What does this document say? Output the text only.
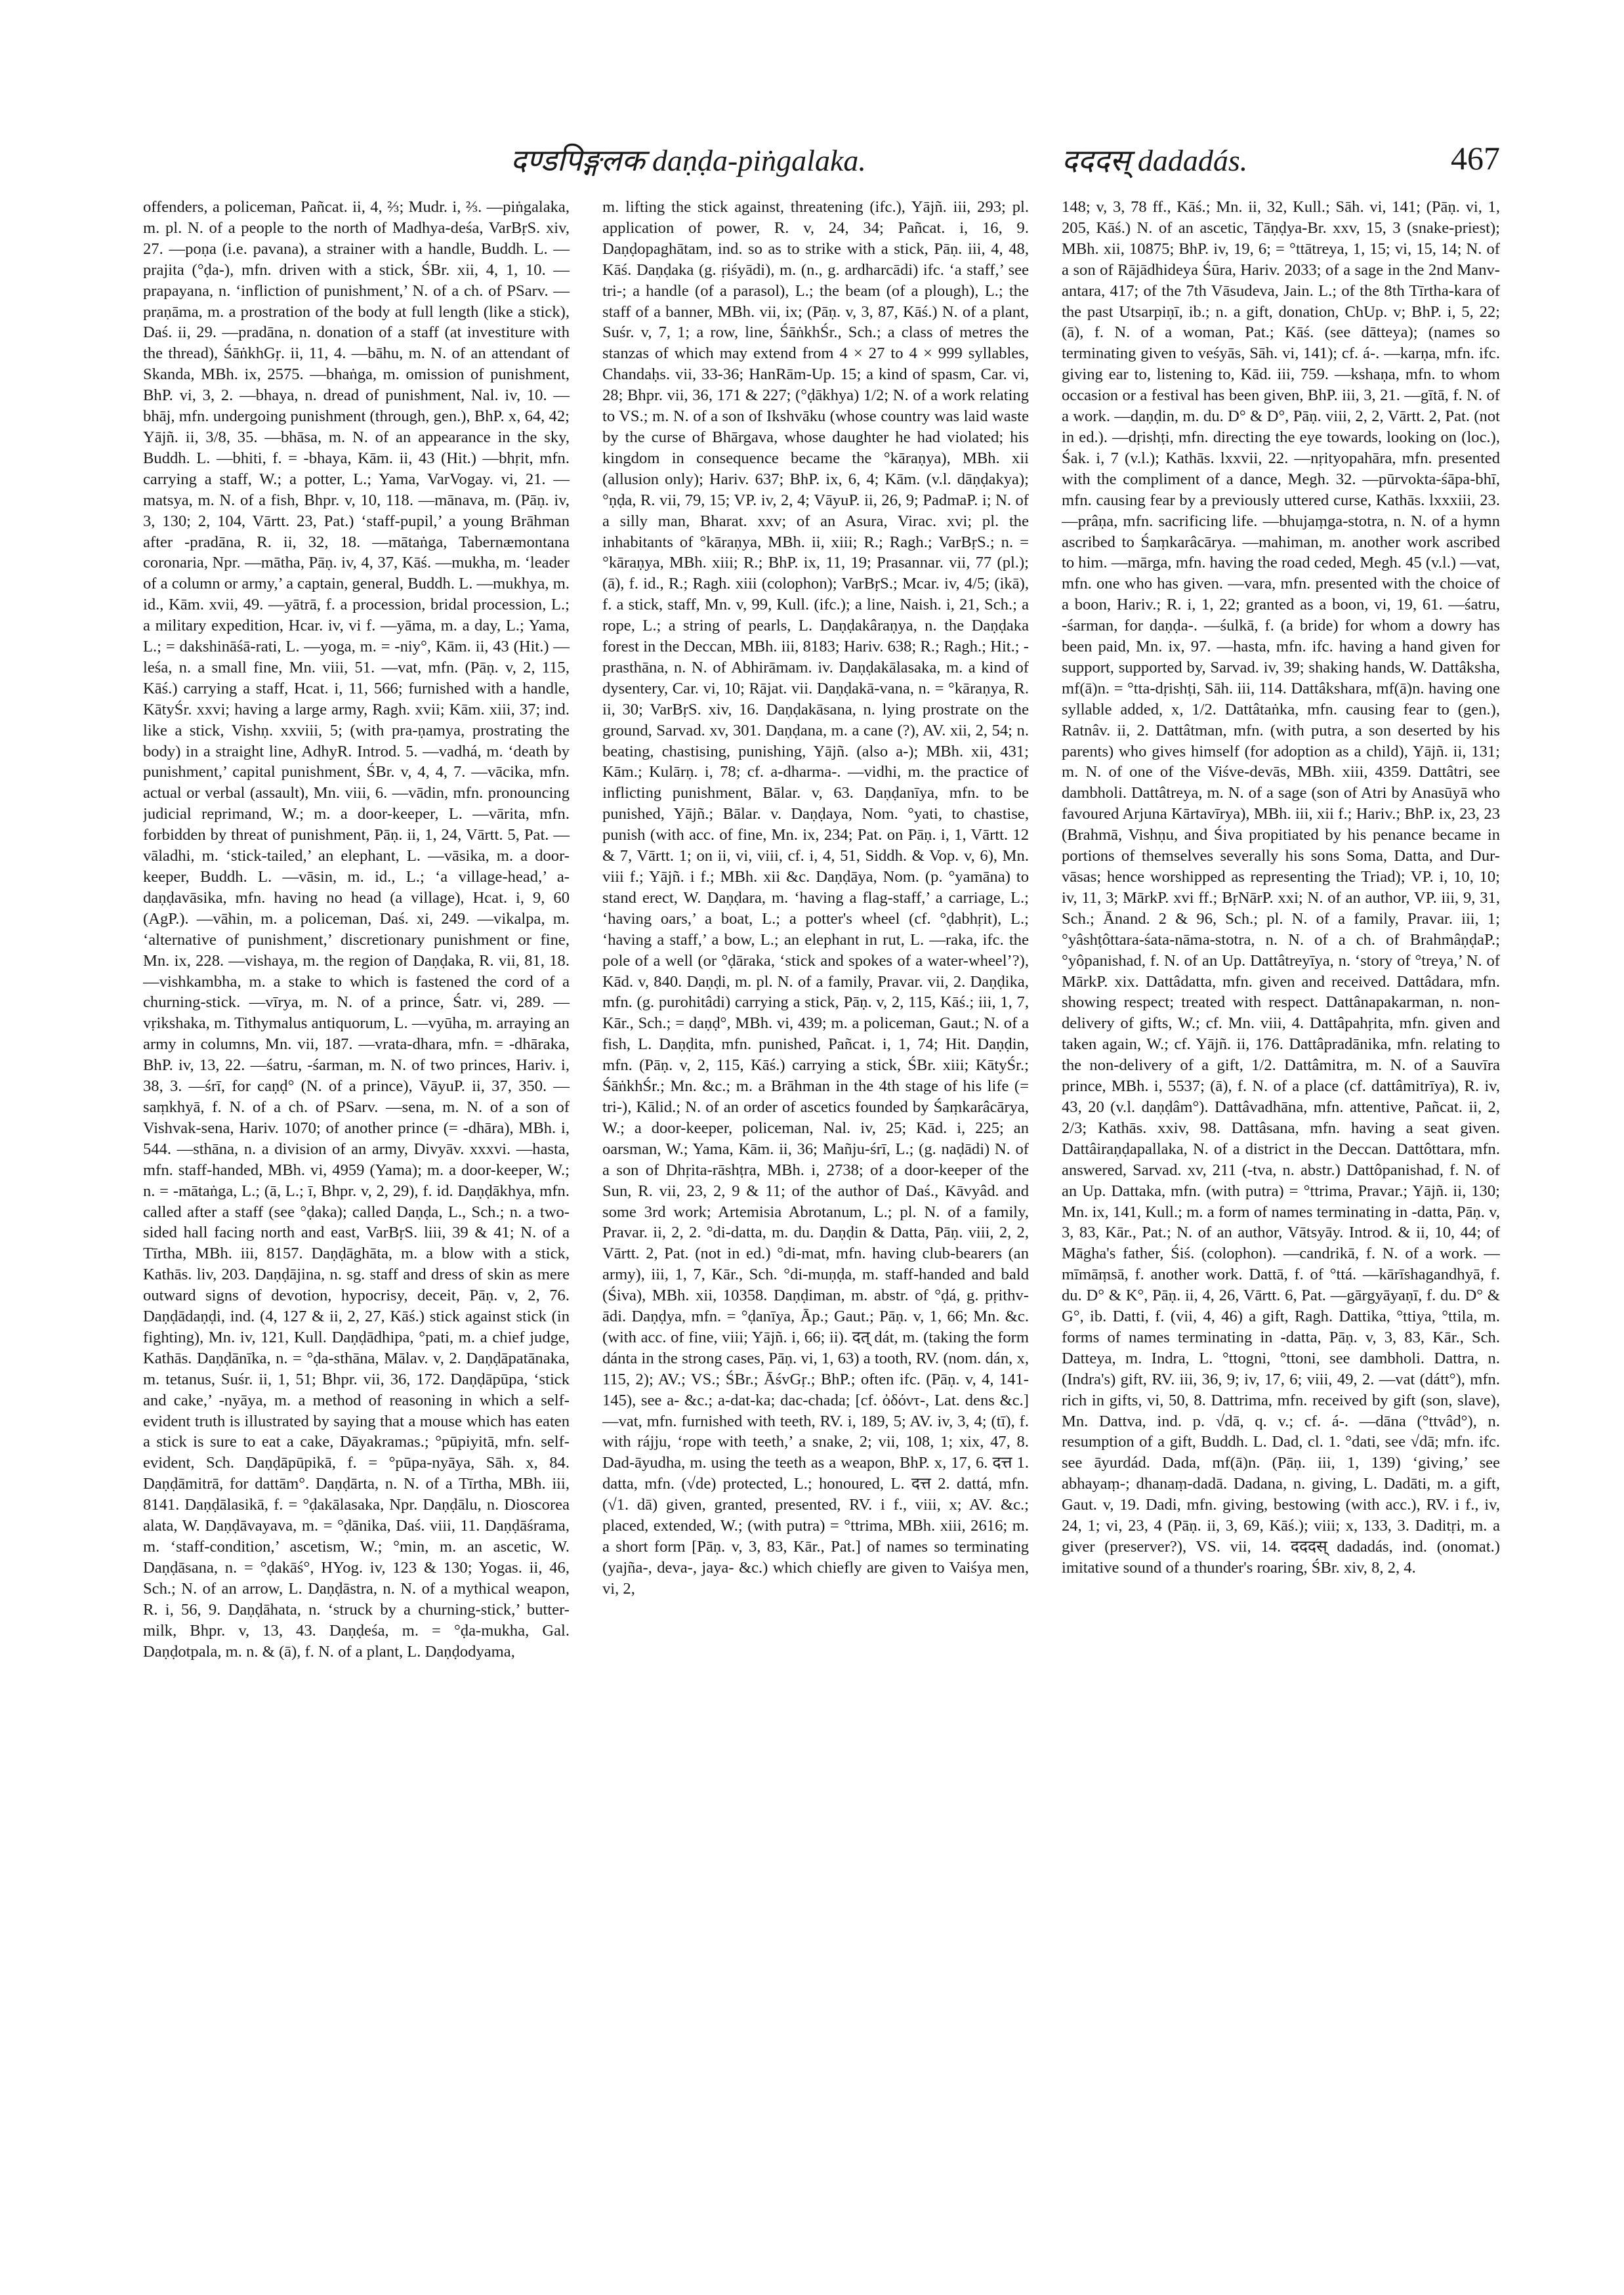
दण्डपिङ्गलक daṇḍa-piṅgalaka.	दददस् dadadás.	467

offenders, a policeman, Pañcat. ii, 4, ⅔; Mudr. i, ⅔. —piṅgalaka, m. pl. N. of a people to the north of Madhya-deśa, VarBṛS. xiv, 27. —poṇa (i.e. pavana), a strainer with a handle, Buddh. L. —prajita (°ḍa-), mfn. driven with a stick, ŚBr. xii, 4, 1, 10. —prapayana, n. ‘infliction of punishment,’ N. of a ch. of PSarv. —praṇāma, m. a prostration of the body at full length (like a stick), Daś. ii, 29. —pradāna, n. donation of a staff (at investiture with the thread), ŚāṅkhGṛ. ii, 11, 4. —bāhu, m. N. of an attendant of Skanda, MBh. ix, 2575. —bhaṅga, m. omission of punishment, BhP. vi, 3, 2. —bhaya, n. dread of punishment, Nal. iv, 10. —bhāj, mfn. undergoing punishment (through, gen.), BhP. x, 64, 42; Yājñ. ii, 3/8, 35. —bhāsa, m. N. of an appearance in the sky, Buddh. L. —bhiti, f. = -bhaya, Kām. ii, 43 (Hit.) —bhṛit, mfn. carrying a staff, W.; a potter, L.; Yama, VarVogay. vi, 21. —matsya, m. N. of a fish, Bhpr. v, 10, 118. —mānava, m. (Pāṇ. iv, 3, 130; 2, 104, Vārtt. 23, Pat.) ‘staff-pupil,’ a young Brāhman after -pradāna, R. ii, 32, 18. —mātaṅga, Tabernæmontana coronaria, Npr. —mātha, Pāṇ. iv, 4, 37, Kāś. —mukha, m. ‘leader of a column or army,’ a captain, general, Buddh. L. —mukhya, m. id., Kām. xvii, 49. —yātrā, f. a procession, bridal procession, L.; a military expedition, Hcar. iv, vi f. —yāma, m. a day, L.; Yama, L.; = dakshināśā-rati, L. —yoga, m. = -niy°, Kām. ii, 43 (Hit.) —leśa, n. a small fine, Mn. viii, 51. —vat, mfn. (Pāṇ. v, 2, 115, Kāś.) carrying a staff, Hcat. i, 11, 566; furnished with a handle, KātyŚr. xxvi; having a large army, Ragh. xvii; Kām. xiii, 37; ind. like a stick, Vishṇ. xxviii, 5; (with pra-ṇamya, prostrating the body) in a straight line, AdhyR. Introd. 5. —vadhá, m. ‘death by punishment,’ capital punishment, ŚBr. v, 4, 4, 7. —vācika, mfn. actual or verbal (assault), Mn. viii, 6. —vādin, mfn. pronouncing judicial reprimand, W.; m. a door-keeper, L. —vārita, mfn. forbidden by threat of punishment, Pāṇ. ii, 1, 24, Vārtt. 5, Pat. —vāladhi, m. ‘stick-tailed,’ an elephant, L. —vāsika, m. a door-keeper, Buddh. L. —vāsin, m. id., L.; ‘a village-head,’ a-daṇḍavāsika, mfn. having no head (a village), Hcat. i, 9, 60 (AgP.). —vāhin, m. a policeman, Daś. xi, 249. —vikalpa, m. ‘alternative of punishment,’ discretionary punishment or fine, Mn. ix, 228. —vishaya, m. the region of Daṇḍaka, R. vii, 81, 18. —vishkambha, m. a stake to which is fastened the cord of a churning-stick. —vīrya, m. N. of a prince, Śatr. vi, 289. —vṛikshaka, m. Tithymalus antiquorum, L. —vyūha, m. arraying an army in columns, Mn. vii, 187. —vrata-dhara, mfn. = -dhāraka, BhP. iv, 13, 22. —śatru, -śarman, m. N. of two princes, Hariv. i, 38, 3. —śrī, for caṇḍ° (N. of a prince), VāyuP. ii, 37, 350. —saṃkhyā, f. N. of a ch. of PSarv. —sena, m. N. of a son of Vishvak-sena, Hariv. 1070; of another prince (= -dhāra), MBh. i, 544. —sthāna, n. a division of an army, Divyāv. xxxvi. —hasta, mfn. staff-handed, MBh. vi, 4959 (Yama); m. a door-keeper, W.; n. = -mātaṅga, L.; (ā, L.; ī, Bhpr. v, 2, 29), f. id. Daṇḍākhya, mfn. called after a staff (see °ḍaka); called Daṇḍa, L., Sch.; n. a two-sided hall facing north and east, VarBṛS. liii, 39 & 41; N. of a Tīrtha, MBh. iii, 8157. Daṇḍāghāta, m. a blow with a stick, Kathās. liv, 203. Daṇḍājina, n. sg. staff and dress of skin as mere outward signs of devotion, hypocrisy, deceit, Pāṇ. v, 2, 76. Daṇḍādaṇḍi, ind. (4, 127 & ii, 2, 27, Kāś.) stick against stick (in fighting), Mn. iv, 121, Kull. Daṇḍādhipa, °pati, m. a chief judge, Kathās. Daṇḍānīka, n. = °ḍa-sthāna, Mālav. v, 2. Daṇḍāpatānaka, m. tetanus, Suśr. ii, 1, 51; Bhpr. vii, 36, 172. Daṇḍāpūpa, ‘stick and cake,’ -nyāya, m. a method of reasoning in which a self-evident truth is illustrated by saying that a mouse which has eaten a stick is sure to eat a cake, Dāyakramas.; °pūpiyitā, mfn. self-evident, Sch. Daṇḍāpūpikā, f. = °pūpa-nyāya, Sāh. x, 84. Daṇḍāmitrā, for dattām°. Daṇḍārta, n. N. of a Tīrtha, MBh. iii, 8141. Daṇḍālasikā, f. = °ḍakālasaka, Npr. Daṇḍālu, n. Dioscorea alata, W. Daṇḍāvayava, m. = °ḍānika, Daś. viii, 11. Daṇḍāśrama, m. ‘staff-condition,’ ascetism, W.; °min, m. an ascetic, W. Daṇḍāsana, n. = °ḍakāś°, HYog. iv, 123 & 130; Yogas. ii, 46, Sch.; N. of an arrow, L. Daṇḍāstra, n. N. of a mythical weapon, R. i, 56, 9. Daṇḍāhata, n. ‘struck by a churning-stick,’ butter-milk, Bhpr. v, 13, 43. Daṇḍeśa, m. = °ḍa-mukha, Gal. Daṇḍotpala, m. n. & (ā), f. N. of a plant, L. Daṇḍodyama,

m. lifting the stick against, threatening (ifc.), Yājñ. iii, 293; pl. application of power, R. v, 24, 34; Pañcat. i, 16, 9. Daṇḍopaghātam, ind. so as to strike with a stick, Pāṇ. iii, 4, 48, Kāś. Daṇḍaka (g. ṛiśyādi), m. (n., g. ardharcādi) ifc. ‘a staff,’ see tri-; a handle (of a parasol), L.; the beam (of a plough), L.; the staff of a banner, MBh. vii, ix; (Pāṇ. v, 3, 87, Kāś.) N. of a plant, Suśr. v, 7, 1; a row, line, ŚāṅkhŚr., Sch.; a class of metres the stanzas of which may extend from 4 × 27 to 4 × 999 syllables, Chandaḥs. vii, 33-36; HanRām-Up. 15; a kind of spasm, Car. vi, 28; Bhpr. vii, 36, 171 & 227; (°ḍākhya) 1/2; N. of a work relating to VS.; m. N. of a son of Ikshvāku (whose country was laid waste by the curse of Bhārgava, whose daughter he had violated; his kingdom in consequence became the °kāraṇya), MBh. xii (allusion only); Hariv. 637; BhP. ix, 6, 4; Kām. (v.l. dāṇḍakya); °ṇḍa, R. vii, 79, 15; VP. iv, 2, 4; VāyuP. ii, 26, 9; PadmaP. i; N. of a silly man, Bharat. xxv; of an Asura, Virac. xvi; pl. the inhabitants of °kāraṇya, MBh. ii, xiii; R.; Ragh.; VarBṛS.; n. = °kāraṇya, MBh. xiii; R.; BhP. ix, 11, 19; Prasannar. vii, 77 (pl.); (ā), f. id., R.; Ragh. xiii (colophon); VarBṛS.; Mcar. iv, 4/5; (ikā), f. a stick, staff, Mn. v, 99, Kull. (ifc.); a line, Naish. i, 21, Sch.; a rope, L.; a string of pearls, L. Daṇḍakâraṇya, n. the Daṇḍaka forest in the Deccan, MBh. iii, 8183; Hariv. 638; R.; Ragh.; Hit.; -prasthāna, n. N. of Abhirāmam. iv. Daṇḍakālasaka, m. a kind of dysentery, Car. vi, 10; Rājat. vii. Daṇḍakā-vana, n. = °kāraṇya, R. ii, 30; VarBṛS. xiv, 16. Daṇḍakāsana, n. lying prostrate on the ground, Sarvad. xv, 301. Daṇḍana, m. a cane (?), AV. xii, 2, 54; n. beating, chastising, punishing, Yājñ. (also a-); MBh. xii, 431; Kām.; Kulārṇ. i, 78; cf. a-dharma-. —vidhi, m. the practice of inflicting punishment, Bālar. v, 63. Daṇḍanīya, mfn. to be punished, Yājñ.; Bālar. v. Daṇḍaya, Nom. °yati, to chastise, punish (with acc. of fine, Mn. ix, 234; Pat. on Pāṇ. i, 1, Vārtt. 12 & 7, Vārtt. 1; on ii, vi, viii, cf. i, 4, 51, Siddh. & Vop. v, 6), Mn. viii f.; Yājñ. i f.; MBh. xii &c. Daṇḍāya, Nom. (p. °yamāna) to stand erect, W. Daṇḍara, m. ‘having a flag-staff,’ a carriage, L.; ‘having oars,’ a boat, L.; a potter's wheel (cf. °ḍabhṛit), L.; ‘having a staff,’ a bow, L.; an elephant in rut, L. —raka, ifc. the pole of a well (or °ḍāraka, ‘stick and spokes of a water-wheel’?), Kād. v, 840. Daṇḍi, m. pl. N. of a family, Pravar. vii, 2. Daṇḍika, mfn. (g. purohitâdi) carrying a stick, Pāṇ. v, 2, 115, Kāś.; iii, 1, 7, Kār., Sch.; = daṇḍ°, MBh. vi, 439; m. a policeman, Gaut.; N. of a fish, L. Daṇḍita, mfn. punished, Pañcat. i, 1, 74; Hit. Daṇḍin, mfn. (Pāṇ. v, 2, 115, Kāś.) carrying a stick, ŚBr. xiii; KātyŚr.; ŚāṅkhŚr.; Mn. &c.; m. a Brāhman in the 4th stage of his life (= tri-), Kālid.; N. of an order of ascetics founded by Śaṃkarâcārya, W.; a door-keeper, policeman, Nal. iv, 25; Kād. i, 225; an oarsman, W.; Yama, Kām. ii, 36; Mañju-śrī, L.; (g. naḍādi) N. of a son of Dhṛita-rāshṭra, MBh. i, 2738; of a door-keeper of the Sun, R. vii, 23, 2, 9 & 11; of the author of Daś., Kāvyâd. and some 3rd work; Artemisia Abrotanum, L.; pl. N. of a family, Pravar. ii, 2, 2. °di-datta, m. du. Daṇḍin & Datta, Pāṇ. viii, 2, 2, Vārtt. 2, Pat. (not in ed.) °di-mat, mfn. having club-bearers (an army), iii, 1, 7, Kār., Sch. °di-muṇḍa, m. staff-handed and bald (Śiva), MBh. xii, 10358. Daṇḍiman, m. abstr. of °ḍá, g. pṛithv-ādi. Daṇḍya, mfn. = °ḍanīya, Āp.; Gaut.; Pāṇ. v, 1, 66; Mn. &c. (with acc. of fine, viii; Yājñ. i, 66; ii). दत् dát, m. (taking the form dánta in the strong cases, Pāṇ. vi, 1, 63) a tooth, RV. (nom. dán, x, 115, 2); AV.; VS.; ŚBr.; ĀśvGṛ.; BhP.; often ifc. (Pāṇ. v, 4, 141-145), see a- &c.; a-dat-ka; dac-chada; [cf. ὀδόντ-, Lat. dens &c.] —vat, mfn. furnished with teeth, RV. i, 189, 5; AV. iv, 3, 4; (tī), f. with rájju, ‘rope with teeth,’ a snake, 2; vii, 108, 1; xix, 47, 8. Dad-āyudha, m. using the teeth as a weapon, BhP. x, 17, 6. दत्त 1. datta, mfn. (√de) protected, L.; honoured, L. दत्त 2. dattá, mfn. (√1. dā) given, granted, presented, RV. i f., viii, x; AV. &c.; placed, extended, W.; (with putra) = °ttrima, MBh. xiii, 2616; m. a short form [Pāṇ. v, 3, 83, Kār., Pat.] of names so terminating (yajña-, deva-, jaya- &c.) which chiefly are given to Vaiśya men, vi, 2,

148; v, 3, 78 ff., Kāś.; Mn. ii, 32, Kull.; Sāh. vi, 141; (Pāṇ. vi, 1, 205, Kāś.) N. of an ascetic, Tāṇḍya-Br. xxv, 15, 3 (snake-priest); MBh. xii, 10875; BhP. iv, 19, 6; = °ttātreya, 1, 15; vi, 15, 14; N. of a son of Rājādhideya Śūra, Hariv. 2033; of a sage in the 2nd Manv-antara, 417; of the 7th Vāsudeva, Jain. L.; of the 8th Tīrtha-kara of the past Utsarpiṇī, ib.; n. a gift, donation, ChUp. v; BhP. i, 5, 22; (ā), f. N. of a woman, Pat.; Kāś. (see dātteya); (names so terminating given to veśyās, Sāh. vi, 141); cf. á-. —karṇa, mfn. ifc. giving ear to, listening to, Kād. iii, 759. —kshaṇa, mfn. to whom occasion or a festival has been given, BhP. iii, 3, 21. —gītā, f. N. of a work. —daṇḍin, m. du. D° & D°, Pāṇ. viii, 2, 2, Vārtt. 2, Pat. (not in ed.). —dṛishṭi, mfn. directing the eye towards, looking on (loc.), Śak. i, 7 (v.l.); Kathās. lxxvii, 22. —nṛityopahāra, mfn. presented with the compliment of a dance, Megh. 32. —pūrvokta-śāpa-bhī, mfn. causing fear by a previously uttered curse, Kathās. lxxxiii, 23. —prâṇa, mfn. sacrificing life. —bhujaṃga-stotra, n. N. of a hymn ascribed to Śaṃkarâcārya. —mahiman, m. another work ascribed to him. —mārga, mfn. having the road ceded, Megh. 45 (v.l.) —vat, mfn. one who has given. —vara, mfn. presented with the choice of a boon, Hariv.; R. i, 1, 22; granted as a boon, vi, 19, 61. —śatru, -śarman, for daṇḍa-. —śulkā, f. (a bride) for whom a dowry has been paid, Mn. ix, 97. —hasta, mfn. ifc. having a hand given for support, supported by, Sarvad. iv, 39; shaking hands, W. Dattâksha, mf(ā)n. = °tta-dṛishṭi, Sāh. iii, 114. Dattâkshara, mf(ā)n. having one syllable added, x, 1/2. Dattâtaṅka, mfn. causing fear to (gen.), Ratnâv. ii, 2. Dattâtman, mfn. (with putra, a son deserted by his parents) who gives himself (for adoption as a child), Yājñ. ii, 131; m. N. of one of the Viśve-devās, MBh. xiii, 4359. Dattâtri, see dambholi. Dattâtreya, m. N. of a sage (son of Atri by Anasūyā who favoured Arjuna Kārtavīrya), MBh. iii, xii f.; Hariv.; BhP. ix, 23, 23 (Brahmā, Vishṇu, and Śiva propitiated by his penance became in portions of themselves severally his sons Soma, Datta, and Dur-vāsas; hence worshipped as representing the Triad); VP. i, 10, 10; iv, 11, 3; MārkP. xvi ff.; BṛNārP. xxi; N. of an author, VP. iii, 9, 31, Sch.; Ānand. 2 & 96, Sch.; pl. N. of a family, Pravar. iii, 1; °yâshṭôttara-śata-nāma-stotra, n. N. of a ch. of BrahmâṇḍaP.; °yôpanishad, f. N. of an Up. Dattâtreyīya, n. ‘story of °treya,’ N. of MārkP. xix. Dattâdatta, mfn. given and received. Dattâdara, mfn. showing respect; treated with respect. Dattânapakarman, n. non-delivery of gifts, W.; cf. Mn. viii, 4. Dattâpahṛita, mfn. given and taken again, W.; cf. Yājñ. ii, 176. Dattâpradānika, mfn. relating to the non-delivery of a gift, 1/2. Dattâmitra, m. N. of a Sauvīra prince, MBh. i, 5537; (ā), f. N. of a place (cf. dattâmitrīya), R. iv, 43, 20 (v.l. daṇḍâm°). Dattâvadhāna, mfn. attentive, Pañcat. ii, 2, 2/3; Kathās. xxiv, 98. Dattâsana, mfn. having a seat given. Dattâiraṇḍapallaka, N. of a district in the Deccan. Dattôttara, mfn. answered, Sarvad. xv, 211 (-tva, n. abstr.) Dattôpanishad, f. N. of an Up. Dattaka, mfn. (with putra) = °ttrima, Pravar.; Yājñ. ii, 130; Mn. ix, 141, Kull.; m. a form of names terminating in -datta, Pāṇ. v, 3, 83, Kār., Pat.; N. of an author, Vātsyāy. Introd. & ii, 10, 44; of Māgha's father, Śiś. (colophon). —candrikā, f. N. of a work. —mīmāṃsā, f. another work. Dattā, f. of °ttá. —kārīshagandhyā, f. du. D° & K°, Pāṇ. ii, 4, 26, Vārtt. 6, Pat. —gārgyāyaṇī, f. du. D° & G°, ib. Datti, f. (vii, 4, 46) a gift, Ragh. Dattika, °ttiya, °ttila, m. forms of names terminating in -datta, Pāṇ. v, 3, 83, Kār., Sch. Datteya, m. Indra, L. °ttogni, °ttoni, see dambholi. Dattra, n. (Indra's) gift, RV. iii, 36, 9; iv, 17, 6; viii, 49, 2. —vat (dátt°), mfn. rich in gifts, vi, 50, 8. Dattrima, mfn. received by gift (son, slave), Mn. Dattva, ind. p. √dā, q. v.; cf. á-. —dāna (°ttvâd°), n. resumption of a gift, Buddh. L. Dad, cl. 1. °dati, see √dā; mfn. ifc. see āyurdád. Dada, mf(ā)n. (Pāṇ. iii, 1, 139) ‘giving,’ see abhayaṃ-; dhanaṃ-dadā. Dadana, n. giving, L. Dadāti, m. a gift, Gaut. v, 19. Dadi, mfn. giving, bestowing (with acc.), RV. i f., iv, 24, 1; vi, 23, 4 (Pāṇ. ii, 3, 69, Kāś.); viii; x, 133, 3. Daditṛi, m. a giver (preserver?), VS. vii, 14. दददस् dadadás, ind. (onomat.) imitative sound of a thunder's roaring, ŚBr. xiv, 8, 2, 4.
